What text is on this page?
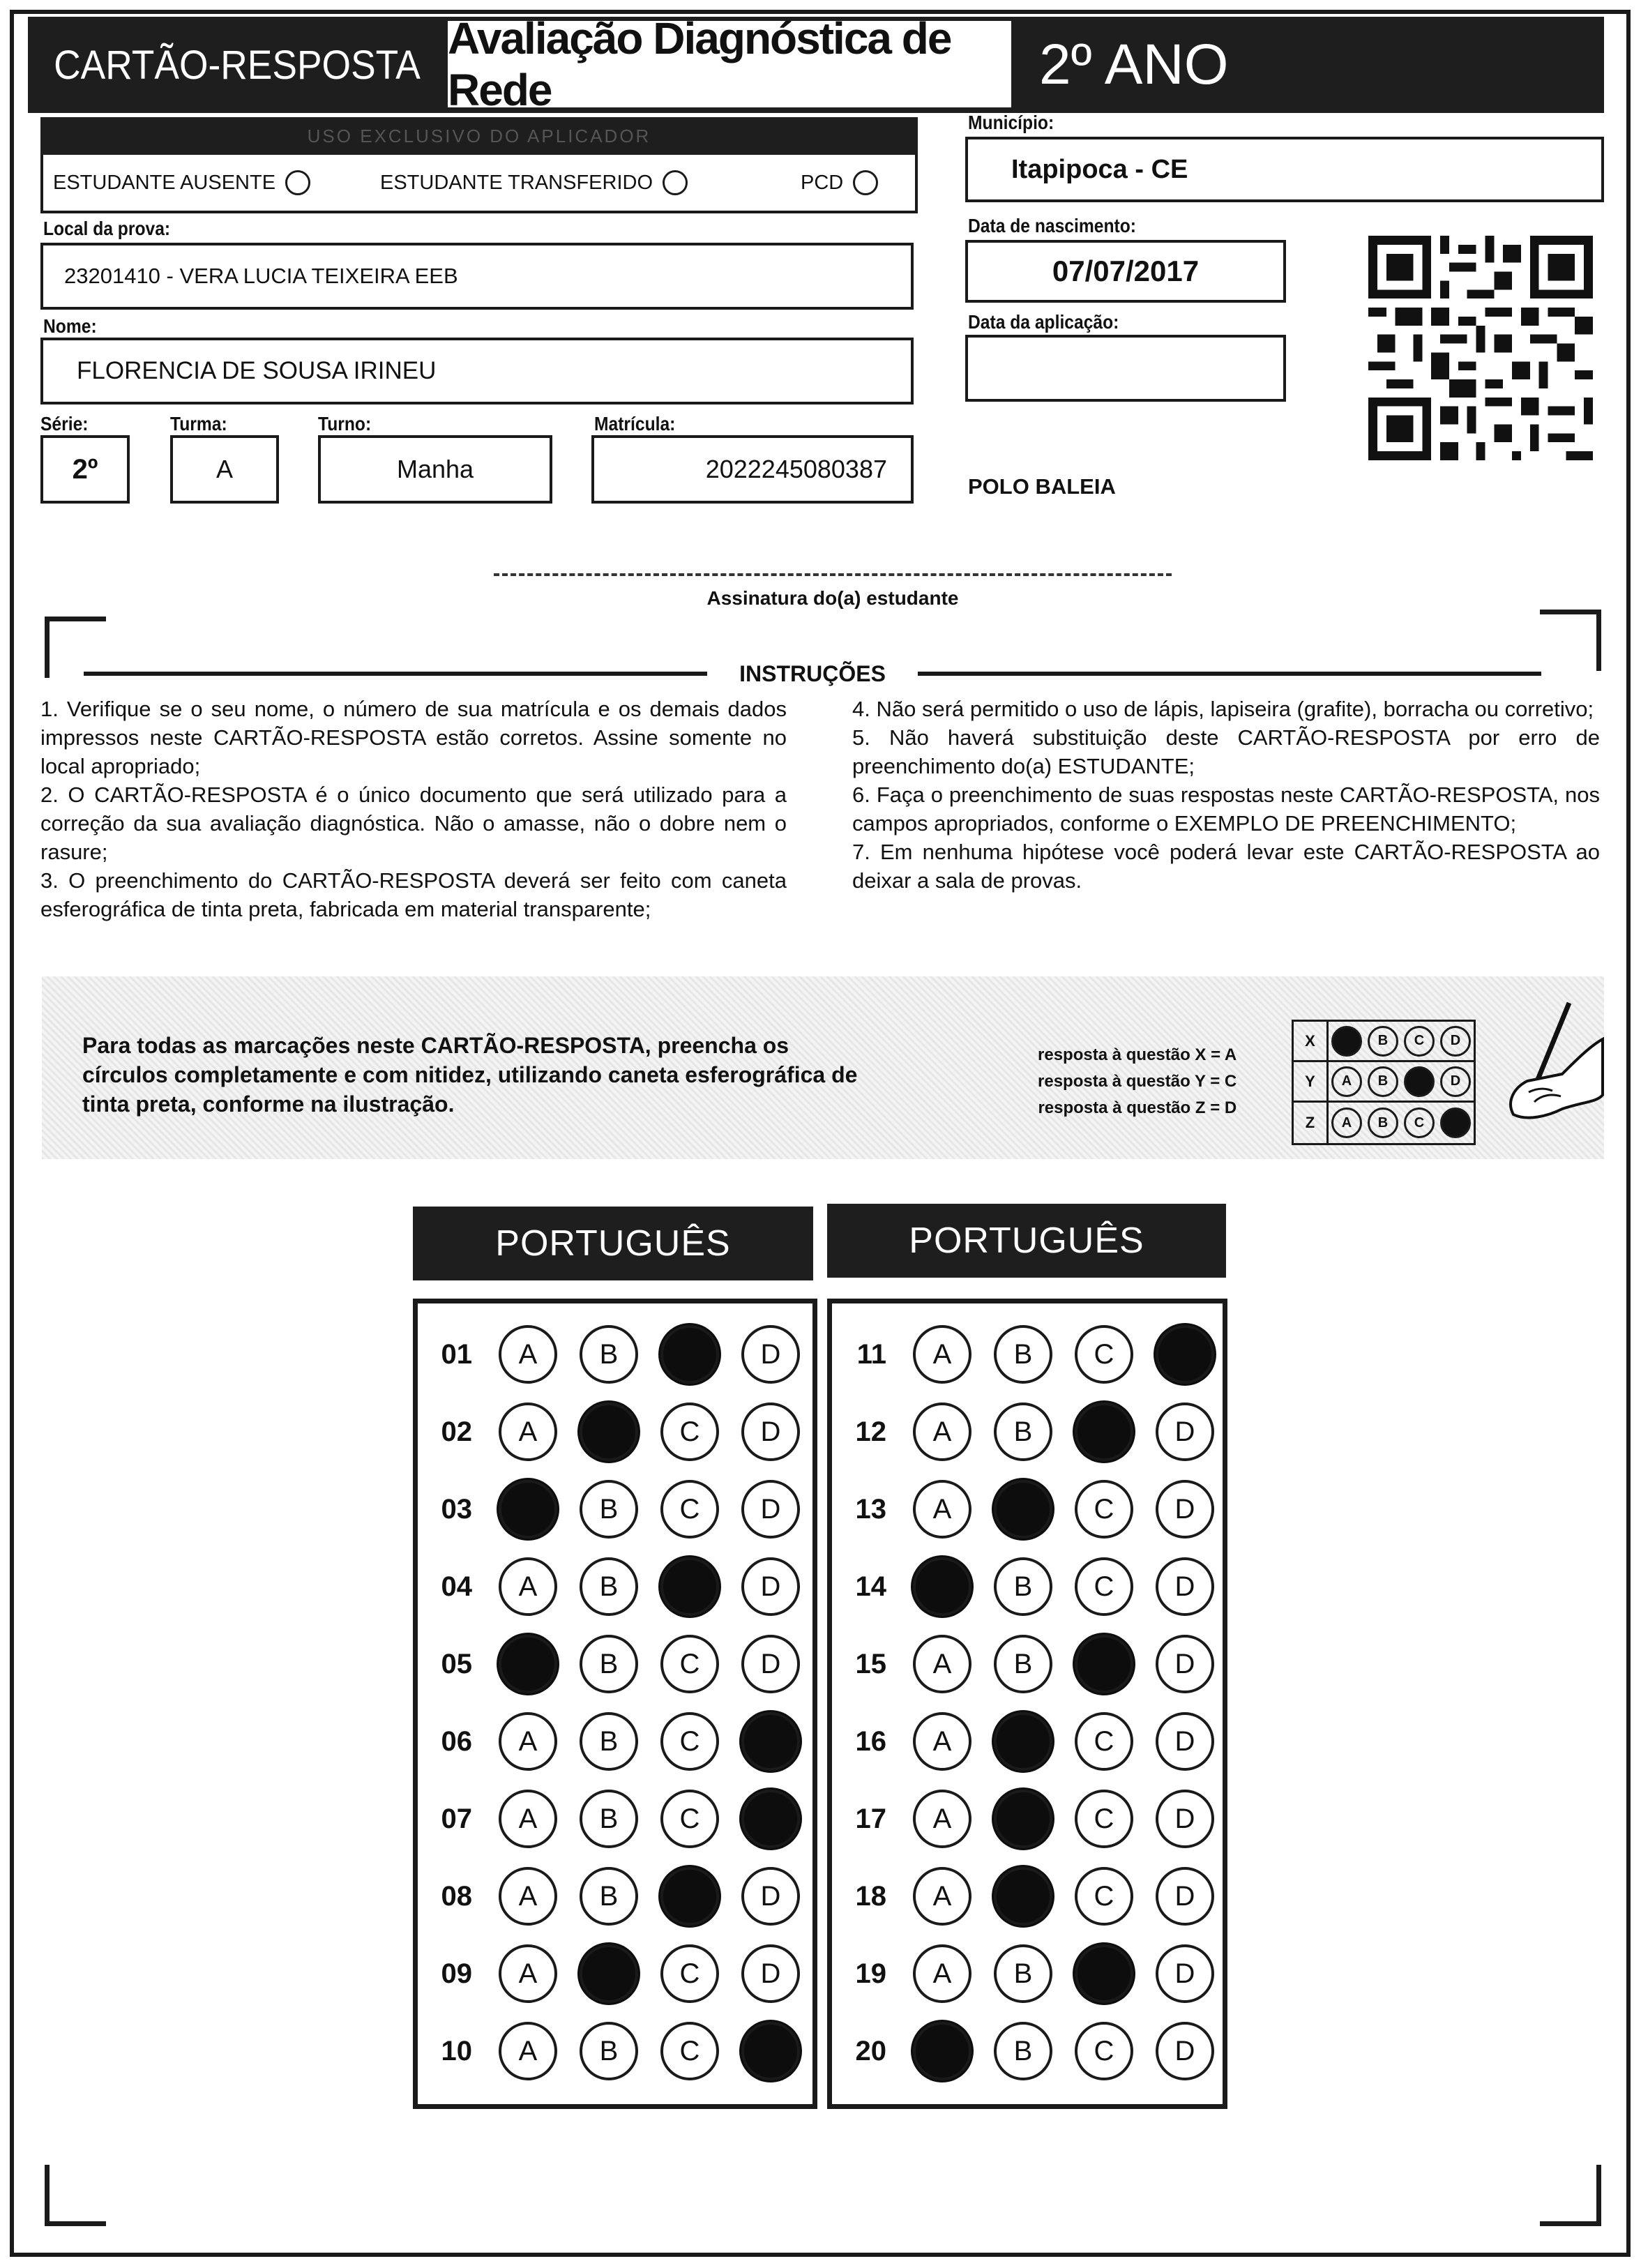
CARTÃO-RESPOSTA
Avaliação Diagnóstica de Rede	2º ANO
USO EXCLUSIVO DO APLICADOR
ESTUDANTE AUSENTE	ESTUDANTE TRANSFERIDO	PCD
Local da prova:
23201410 - VERA LUCIA TEIXEIRA EEB
Nome:
FLORENCIA DE SOUSA IRINEU
Série:
2º
Turma:
A
Turno:
Manha
Matrícula:
2022245080387
Município:
Itapipoca - CE
Data de nascimento:
07/07/2017
Data da aplicação:
POLO BALEIA
Assinatura do(a) estudante
INSTRUÇÕES

1. Verifique se o seu nome, o número de sua matrícula e os demais dados impressos neste CARTÃO-RESPOSTA estão corretos. Assine somente no local apropriado;

2. O CARTÃO-RESPOSTA é o único documento que será utilizado para a correção da sua avaliação diagnóstica. Não o amasse, não o dobre nem o rasure;

3. O preenchimento do CARTÃO-RESPOSTA deverá ser feito com caneta esferográfica de tinta preta, fabricada em material transparente;

4. Não será permitido o uso de lápis, lapiseira (grafite), borracha ou corretivo;

5. Não haverá substituição deste CARTÃO-RESPOSTA por erro de preenchimento do(a) ESTUDANTE;

6. Faça o preenchimento de suas respostas neste CARTÃO-RESPOSTA, nos campos apropriados, conforme o EXEMPLO DE PREENCHIMENTO;

7. Em nenhuma hipótese você poderá levar este CARTÃO-RESPOSTA ao deixar a sala de provas.

Para todas as marcações neste CARTÃO-RESPOSTA, preencha os círculos completamente e com nitidez, utilizando caneta esferográfica de tinta preta, conforme na ilustração.
resposta à questão X = A
resposta à questão Y = C
resposta à questão Z = D
X	A	B	C	D
Y	A	B	C	D
Z	A	B	C	D
PORTUGUÊS	PORTUGUÊS
01	A	B	C	D
02	A	B	C	D
03	A	B	C	D
04	A	B	C	D
05	A	B	C	D
06	A	B	C	D
07	A	B	C	D
08	A	B	C	D
09	A	B	C	D
10	A	B	C	D
11	A	B	C	D
12	A	B	C	D
13	A	B	C	D
14	A	B	C	D
15	A	B	C	D
16	A	B	C	D
17	A	B	C	D
18	A	B	C	D
19	A	B	C	D
20	A	B	C	D
